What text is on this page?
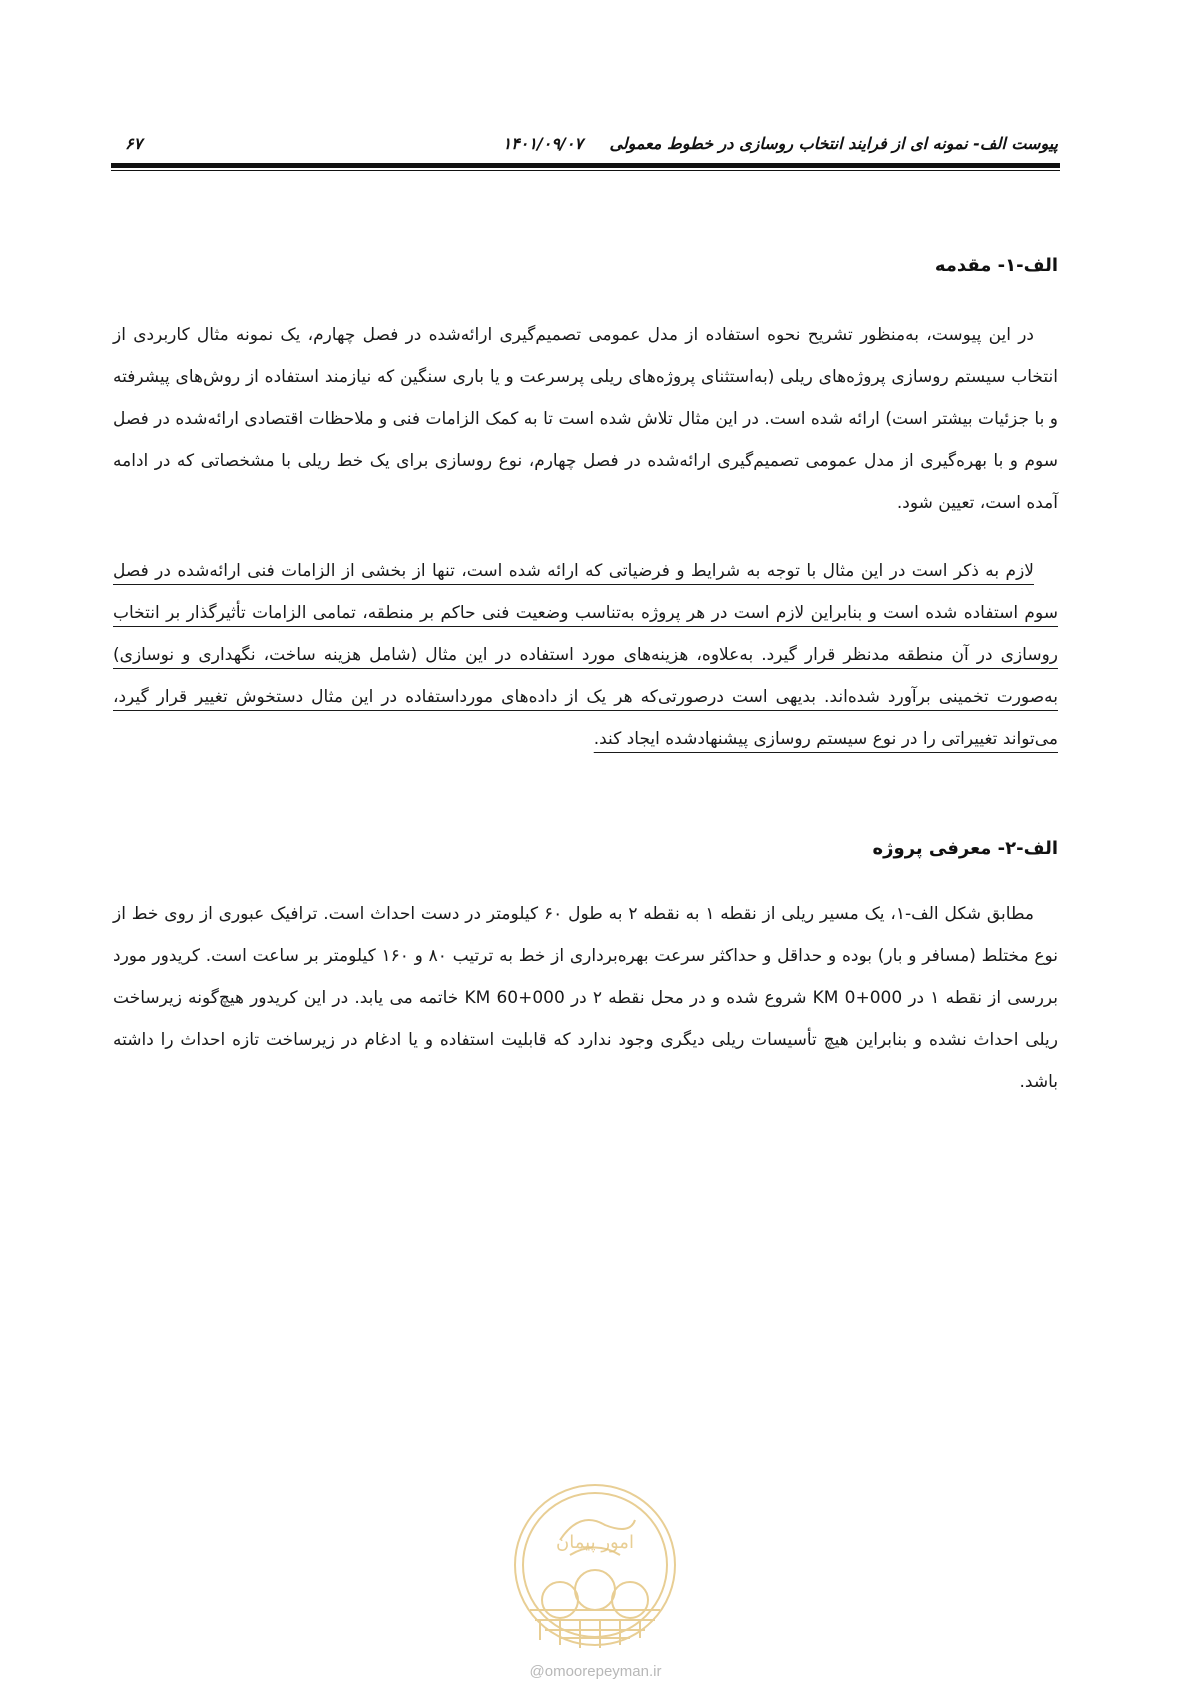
پیوست الف- نمونه ای از فرایند انتخاب روسازی در خطوط معمولی
۱۴۰۱/۰۹/۰۷
۶۷
الف-۱- مقدمه

در این پیوست، به‌منظور تشریح نحوه استفاده از مدل عمومی تصمیم‌گیری ارائه‌شده در فصل چهارم، یک نمونه مثال کاربردی از انتخاب سیستم روسازی پروژه‌های ریلی (به‌استثنای پروژه‌های ریلی پرسرعت و یا باری سنگین که نیازمند استفاده از روش‌های پیشرفته و با جزئیات بیشتر است) ارائه شده است. در این مثال تلاش شده است تا به کمک الزامات فنی و ملاحظات اقتصادی ارائه‌شده در فصل سوم و با بهره‌گیری از مدل عمومی تصمیم‌گیری ارائه‌شده در فصل چهارم، نوع روسازی برای یک خط ریلی با مشخصاتی که در ادامه آمده است، تعیین شود.

لازم به ذکر است در این مثال با توجه به شرایط و فرضیاتی که ارائه شده است، تنها از بخشی از الزامات فنی ارائه‌شده در فصل سوم استفاده شده است و بنابراین لازم است در هر پروژه به‌تناسب وضعیت فنی حاکم بر منطقه، تمامی الزامات تأثیرگذار بر انتخاب روسازی در آن منطقه مدنظر قرار گیرد. به‌علاوه، هزینه‌های مورد استفاده در این مثال (شامل هزینه ساخت، نگهداری و نوسازی) به‌صورت تخمینی برآورد شده‌اند. بدیهی است درصورتی‌که هر یک از داده‌های مورداستفاده در این مثال دستخوش تغییر قرار گیرد، می‌تواند تغییراتی را در نوع سیستم روسازی پیشنهادشده ایجاد کند.

الف-۲- معرفی پروژه

مطابق شکل الف-۱، یک مسیر ریلی از نقطه ۱ به نقطه ۲ به طول ۶۰ کیلومتر در دست احداث است. ترافیک عبوری از روی خط از نوع مختلط (مسافر و بار) بوده و حداقل و حداکثر سرعت بهره‌برداری از خط به ترتیب ۸۰ و ۱۶۰ کیلومتر بر ساعت است. کریدور مورد بررسی از نقطه ۱ در KM 0+000 شروع شده و در محل نقطه ۲ در KM 60+000 خاتمه می یابد. در این کریدور هیچ‌گونه زیرساخت ریلی احداث نشده و بنابراین هیچ تأسیسات ریلی دیگری وجود ندارد که قابلیت استفاده و یا ادغام در زیرساخت تازه احداث را داشته باشد.

امور پیمان
@omoorepeyman.ir
